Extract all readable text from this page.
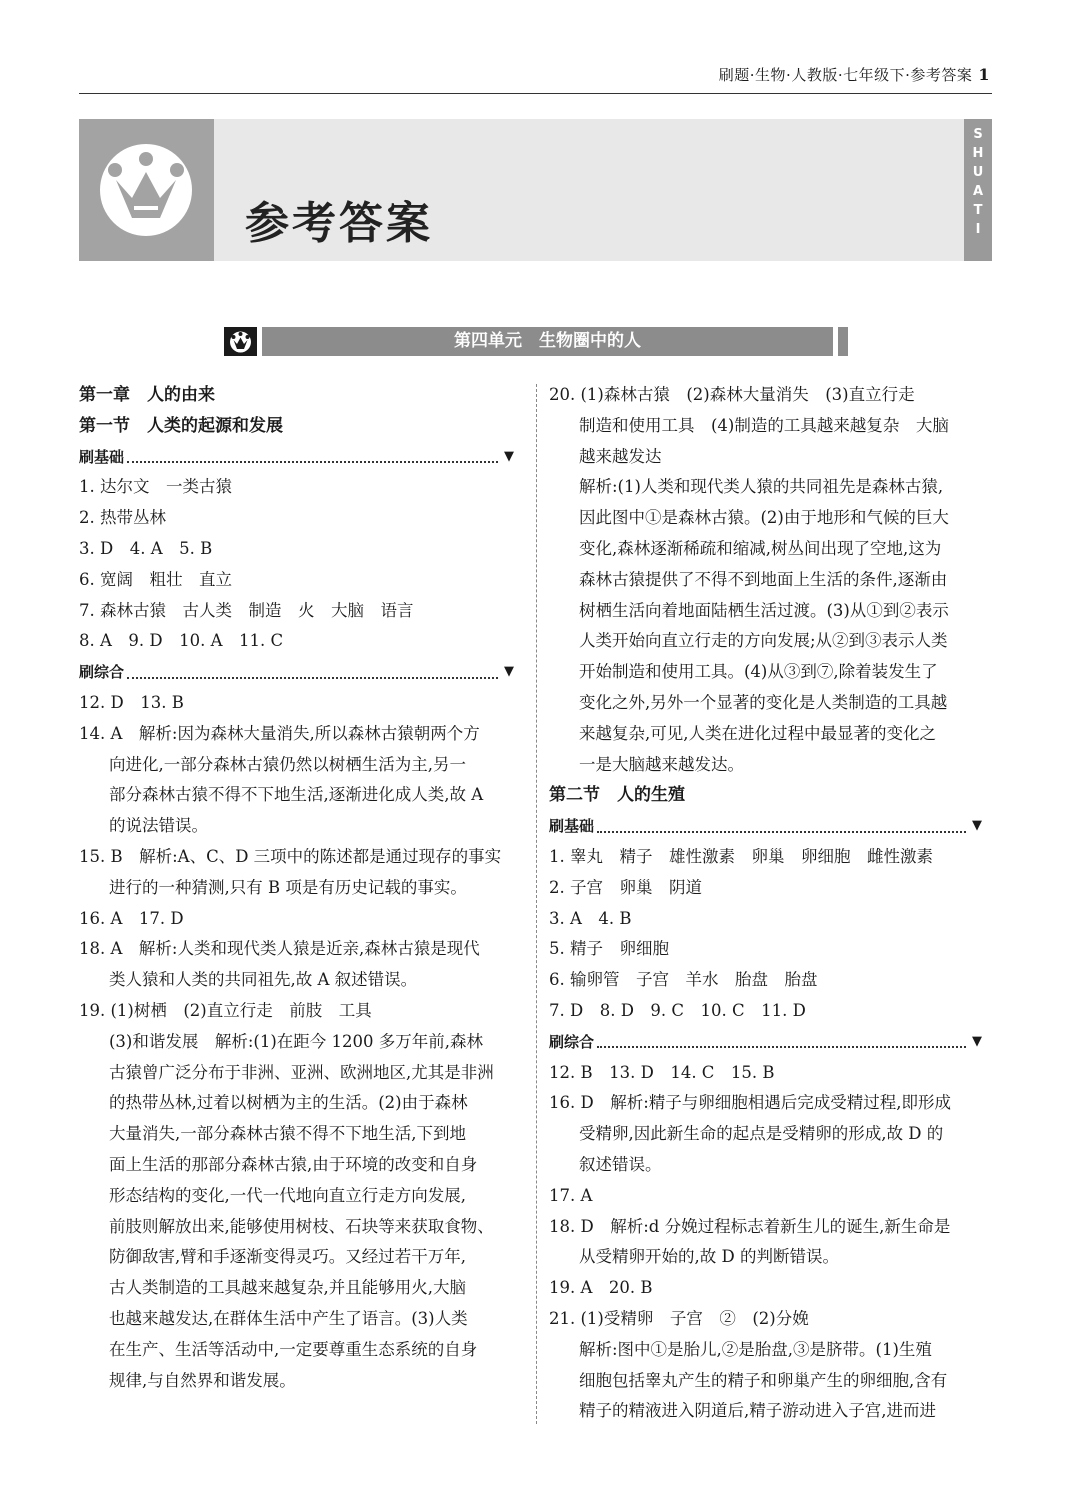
刷题·生物·人教版·七年级下·参考答案 1
参考答案
S
H
U
A
T
I
第四单元　生物圈中的人
第一章　人的由来
第一节　人类的起源和发展
刷基础	▼
1. 达尔文　一类古猿
2. 热带丛林
3. D　4. A　5. B
6. 宽阔　粗壮　直立
7. 森林古猿　古人类　制造　火　大脑　语言
8. A　9. D　10. A　11. C
刷综合	▼
12. D　13. B
14. A　解析:因为森林大量消失,所以森林古猿朝两个方
向进化,一部分森林古猿仍然以树栖生活为主,另一
部分森林古猿不得不下地生活,逐渐进化成人类,故 A
的说法错误。
15. B　解析:A、C、D 三项中的陈述都是通过现存的事实
进行的一种猜测,只有 B 项是有历史记载的事实。
16. A　17. D
18. A　解析:人类和现代类人猿是近亲,森林古猿是现代
类人猿和人类的共同祖先,故 A 叙述错误。
19. (1)树栖　(2)直立行走　前肢　工具
(3)和谐发展　解析:(1)在距今 1200 多万年前,森林
古猿曾广泛分布于非洲、亚洲、欧洲地区,尤其是非洲
的热带丛林,过着以树栖为主的生活。(2)由于森林
大量消失,一部分森林古猿不得不下地生活,下到地
面上生活的那部分森林古猿,由于环境的改变和自身
形态结构的变化,一代一代地向直立行走方向发展,
前肢则解放出来,能够使用树枝、石块等来获取食物、
防御敌害,臂和手逐渐变得灵巧。又经过若干万年,
古人类制造的工具越来越复杂,并且能够用火,大脑
也越来越发达,在群体生活中产生了语言。(3)人类
在生产、生活等活动中,一定要尊重生态系统的自身
规律,与自然界和谐发展。
20. (1)森林古猿　(2)森林大量消失　(3)直立行走
制造和使用工具　(4)制造的工具越来越复杂　大脑
越来越发达
解析:(1)人类和现代类人猿的共同祖先是森林古猿,
因此图中①是森林古猿。(2)由于地形和气候的巨大
变化,森林逐渐稀疏和缩减,树丛间出现了空地,这为
森林古猿提供了不得不到地面上生活的条件,逐渐由
树栖生活向着地面陆栖生活过渡。(3)从①到②表示
人类开始向直立行走的方向发展;从②到③表示人类
开始制造和使用工具。(4)从③到⑦,除着装发生了
变化之外,另外一个显著的变化是人类制造的工具越
来越复杂,可见,人类在进化过程中最显著的变化之
一是大脑越来越发达。
第二节　人的生殖
刷基础	▼
1. 睾丸　精子　雄性激素　卵巢　卵细胞　雌性激素
2. 子宫　卵巢　阴道
3. A　4. B
5. 精子　卵细胞
6. 输卵管　子宫　羊水　胎盘　胎盘
7. D　8. D　9. C　10. C　11. D
刷综合	▼
12. B　13. D　14. C　15. B
16. D　解析:精子与卵细胞相遇后完成受精过程,即形成
受精卵,因此新生命的起点是受精卵的形成,故 D 的
叙述错误。
17. A
18. D　解析:d 分娩过程标志着新生儿的诞生,新生命是
从受精卵开始的,故 D 的判断错误。
19. A　20. B
21. (1)受精卵　子宫　②　(2)分娩
解析:图中①是胎儿,②是胎盘,③是脐带。(1)生殖
细胞包括睾丸产生的精子和卵巢产生的卵细胞,含有
精子的精液进入阴道后,精子游动进入子宫,进而进
